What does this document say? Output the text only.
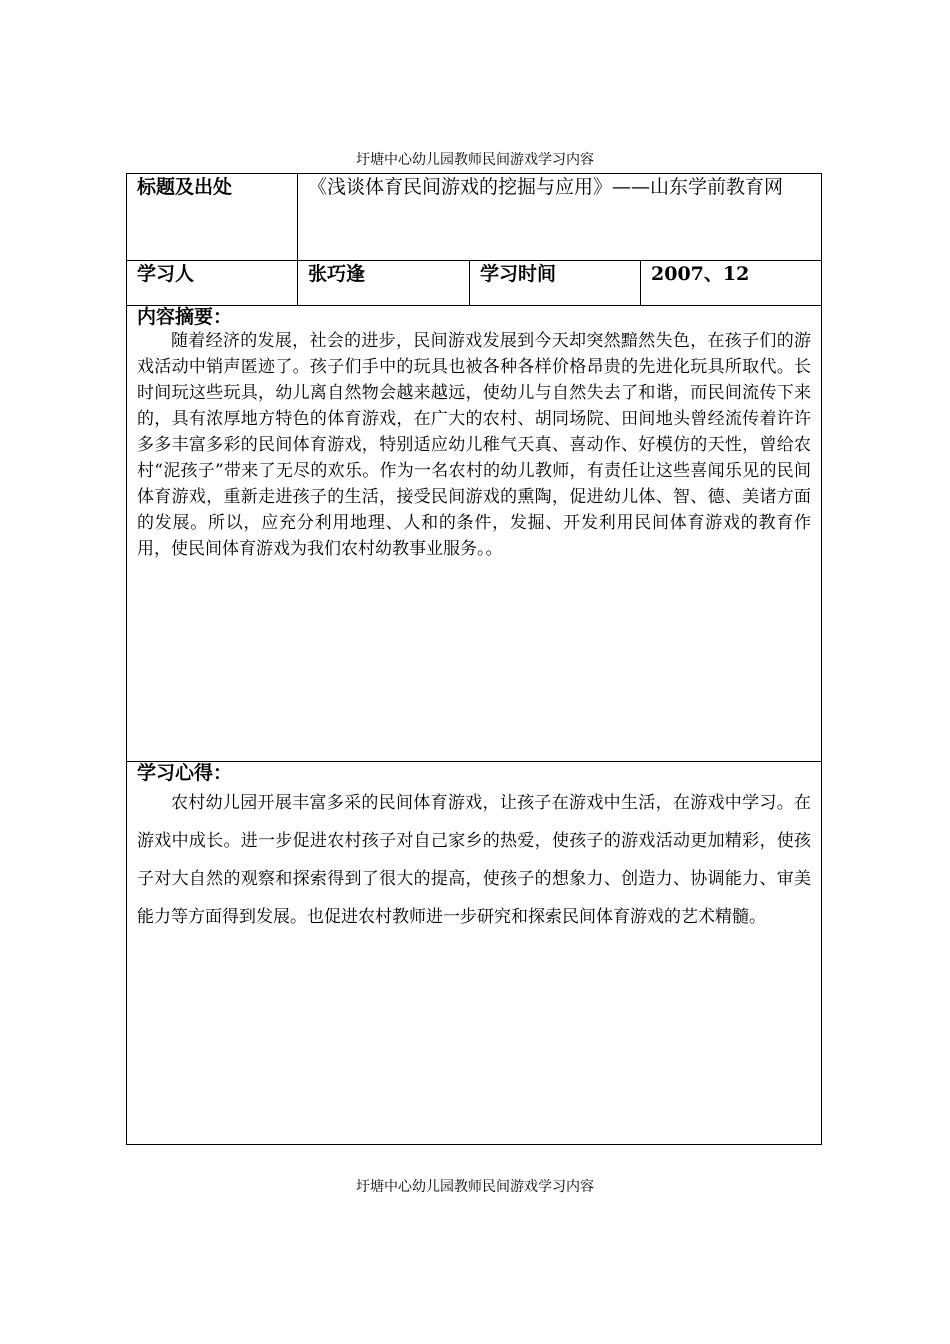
圩塘中心幼儿园教师民间游戏学习内容
标题及出处	《浅谈体育民间游戏的挖掘与应用》——山东学前教育网		
学习人	张巧逢	学习时间	2007、12

内容摘要：

随着经济的发展，社会的进步，民间游戏发展到今天却突然黯然失色，在孩子们的游戏活动中销声匿迹了。孩子们手中的玩具也被各种各样价格昂贵的先进化玩具所取代。长时间玩这些玩具，幼儿离自然物会越来越远，使幼儿与自然失去了和谐，而民间流传下来的，具有浓厚地方特色的体育游戏，在广大的农村、胡同场院、田间地头曾经流传着许许多多丰富多彩的民间体育游戏，特别适应幼儿稚气天真、喜动作、好模仿的天性，曾给农村“泥孩子”带来了无尽的欢乐。作为一名农村的幼儿教师，有责任让这些喜闻乐见的民间体育游戏，重新走进孩子的生活，接受民间游戏的熏陶，促进幼儿体、智、德、美诸方面的发展。所以，应充分利用地理、人和的条件，发掘、开发利用民间体育游戏的教育作用，使民间体育游戏为我们农村幼教事业服务。。			

学习心得：

农村幼儿园开展丰富多采的民间体育游戏，让孩子在游戏中生活，在游戏中学习。在游戏中成长。进一步促进农村孩子对自己家乡的热爱，使孩子的游戏活动更加精彩，使孩子对大自然的观察和探索得到了很大的提高，使孩子的想象力、创造力、协调能力、审美能力等方面得到发展。也促进农村教师进一步研究和探索民间体育游戏的艺术精髓。			

圩塘中心幼儿园教师民间游戏学习内容
